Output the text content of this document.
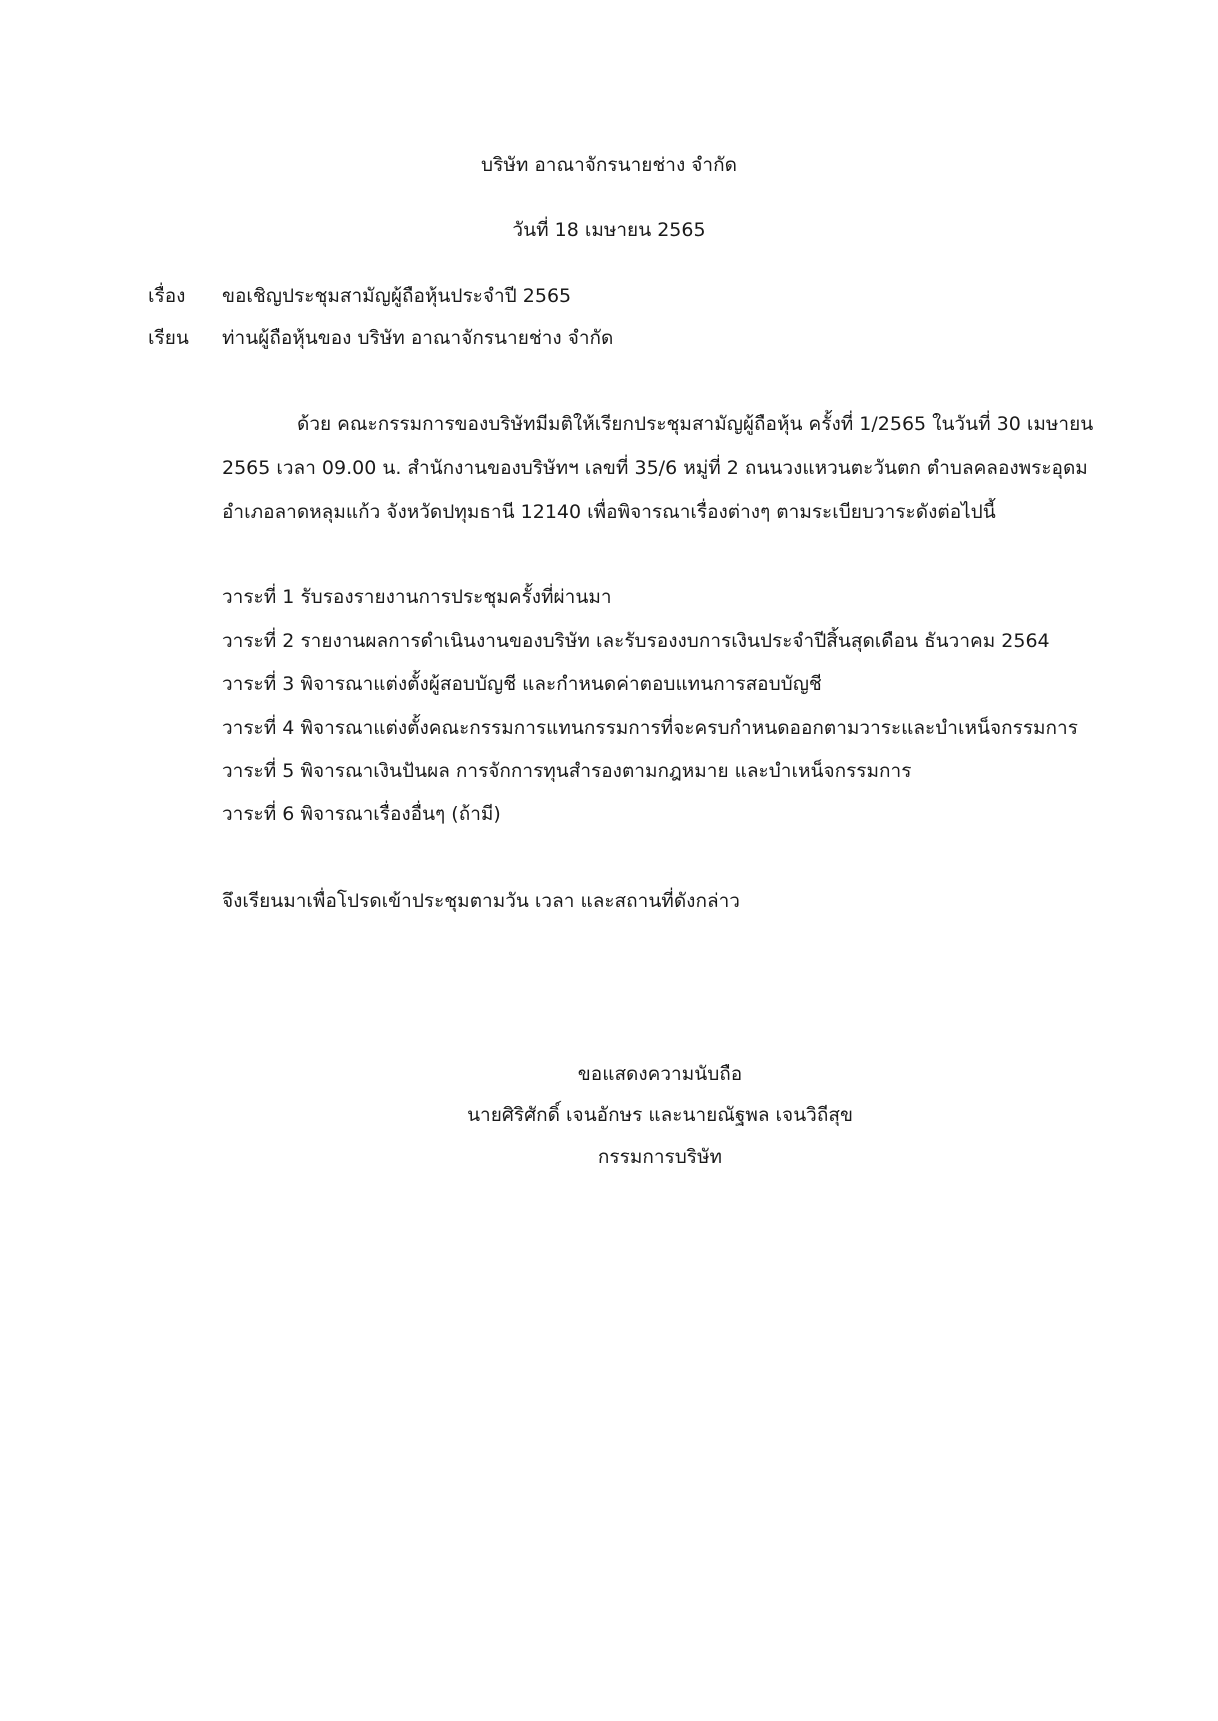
บริษัท อาณาจักรนายช่าง จำกัด
วันที่ 18 เมษายน 2565
เรื่อง ขอเชิญประชุมสามัญผู้ถือหุ้นประจำปี 2565
เรียน ท่านผู้ถือหุ้นของ บริษัท อาณาจักรนายช่าง จำกัด
ด้วย คณะกรรมการของบริษัทมีมติให้เรียกประชุมสามัญผู้ถือหุ้น ครั้งที่ 1/2565 ในวันที่ 30 เมษายน
2565 เวลา 09.00 น. สำนักงานของบริษัทฯ เลขที่ 35/6 หมู่ที่ 2 ถนนวงแหวนตะวันตก ตำบลคลองพระอุดม
อำเภอลาดหลุมแก้ว จังหวัดปทุมธานี 12140 เพื่อพิจารณาเรื่องต่างๆ ตามระเบียบวาระดังต่อไปนี้
วาระที่ 1 รับรองรายงานการประชุมครั้งที่ผ่านมา
วาระที่ 2 รายงานผลการดำเนินงานของบริษัท เละรับรองงบการเงินประจำปีสิ้นสุดเดือน ธันวาคม 2564
วาระที่ 3 พิจารณาแต่งตั้งผู้สอบบัญชี และกำหนดค่าตอบแทนการสอบบัญชี
วาระที่ 4 พิจารณาแต่งตั้งคณะกรรมการแทนกรรมการที่จะครบกำหนดออกตามวาระและบำเหน็จกรรมการ
วาระที่ 5 พิจารณาเงินปันผล การจักการทุนสำรองตามกฎหมาย และบำเหน็จกรรมการ
วาระที่ 6 พิจารณาเรื่องอื่นๆ (ถ้ามี)
จึงเรียนมาเพื่อโปรดเข้าประชุมตามวัน เวลา และสถานที่ดังกล่าว
ขอแสดงความนับถือ
นายศิริศักดิ์ เจนอักษร และนายณัฐพล เจนวิถีสุข
กรรมการบริษัท
